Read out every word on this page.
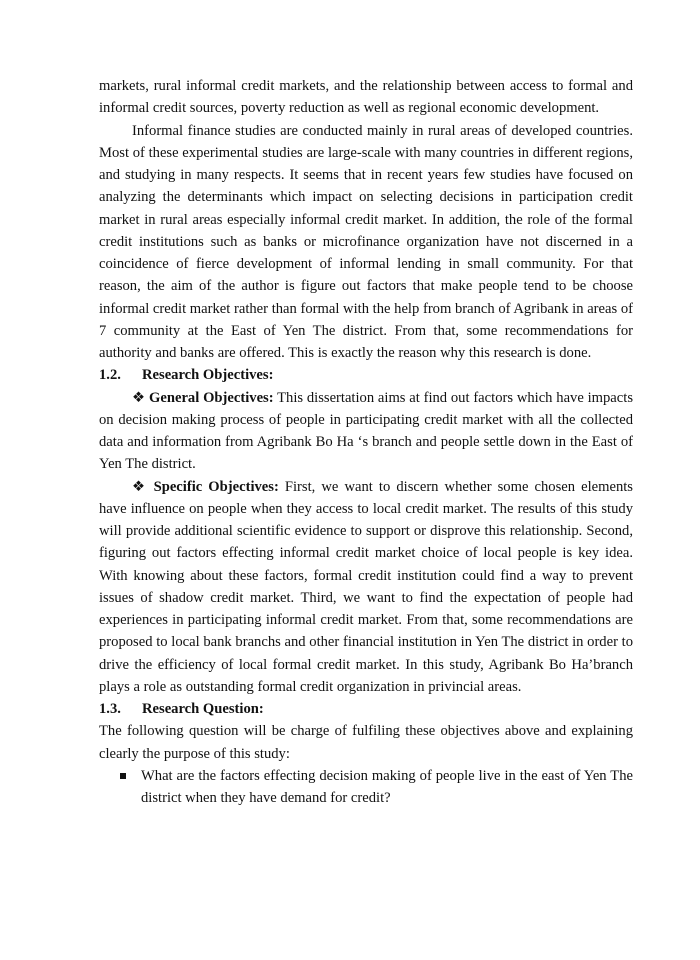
markets, rural informal credit markets, and the relationship between access to formal and informal credit sources, poverty reduction as well as regional economic development.

Informal finance studies are conducted mainly in rural areas of developed countries. Most of these experimental studies are large-scale with many countries in different regions, and studying in many respects. It seems that in recent years few studies have focused on analyzing the determinants which impact on selecting decisions in participation credit market in rural areas especially informal credit market. In addition, the role of the formal credit institutions such as banks or microfinance organization have not discerned in a coincidence of fierce development of informal lending in small community. For that reason, the aim of the author is figure out factors that make people tend to be choose informal credit market rather than formal with the help from branch of Agribank in areas of 7 community at the East of Yen The district. From that, some recommendations for authority and banks are offered. This is exactly the reason why this research is done.

1.2. Research Objectives:

❖ General Objectives: This dissertation aims at find out factors which have impacts on decision making process of people in participating credit market with all the collected data and information from Agribank Bo Ha ‘s branch and people settle down in the East of Yen The district.

❖ Specific Objectives: First, we want to discern whether some chosen elements have influence on people when they access to local credit market. The results of this study will provide additional scientific evidence to support or disprove this relationship. Second, figuring out factors effecting informal credit market choice of local people is key idea. With knowing about these factors, formal credit institution could find a way to prevent issues of shadow credit market. Third, we want to find the expectation of people had experiences in participating informal credit market. From that, some recommendations are proposed to local bank branchs and other financial institution in Yen The district in order to drive the efficiency of local formal credit market. In this study, Agribank Bo Ha’branch plays a role as outstanding formal credit organization in privincial areas.

1.3. Research Question:

The following question will be charge of fulfiling these objectives above and explaining clearly the purpose of this study:

What are the factors effecting decision making of people live in the east of Yen The district when they have demand for credit?
